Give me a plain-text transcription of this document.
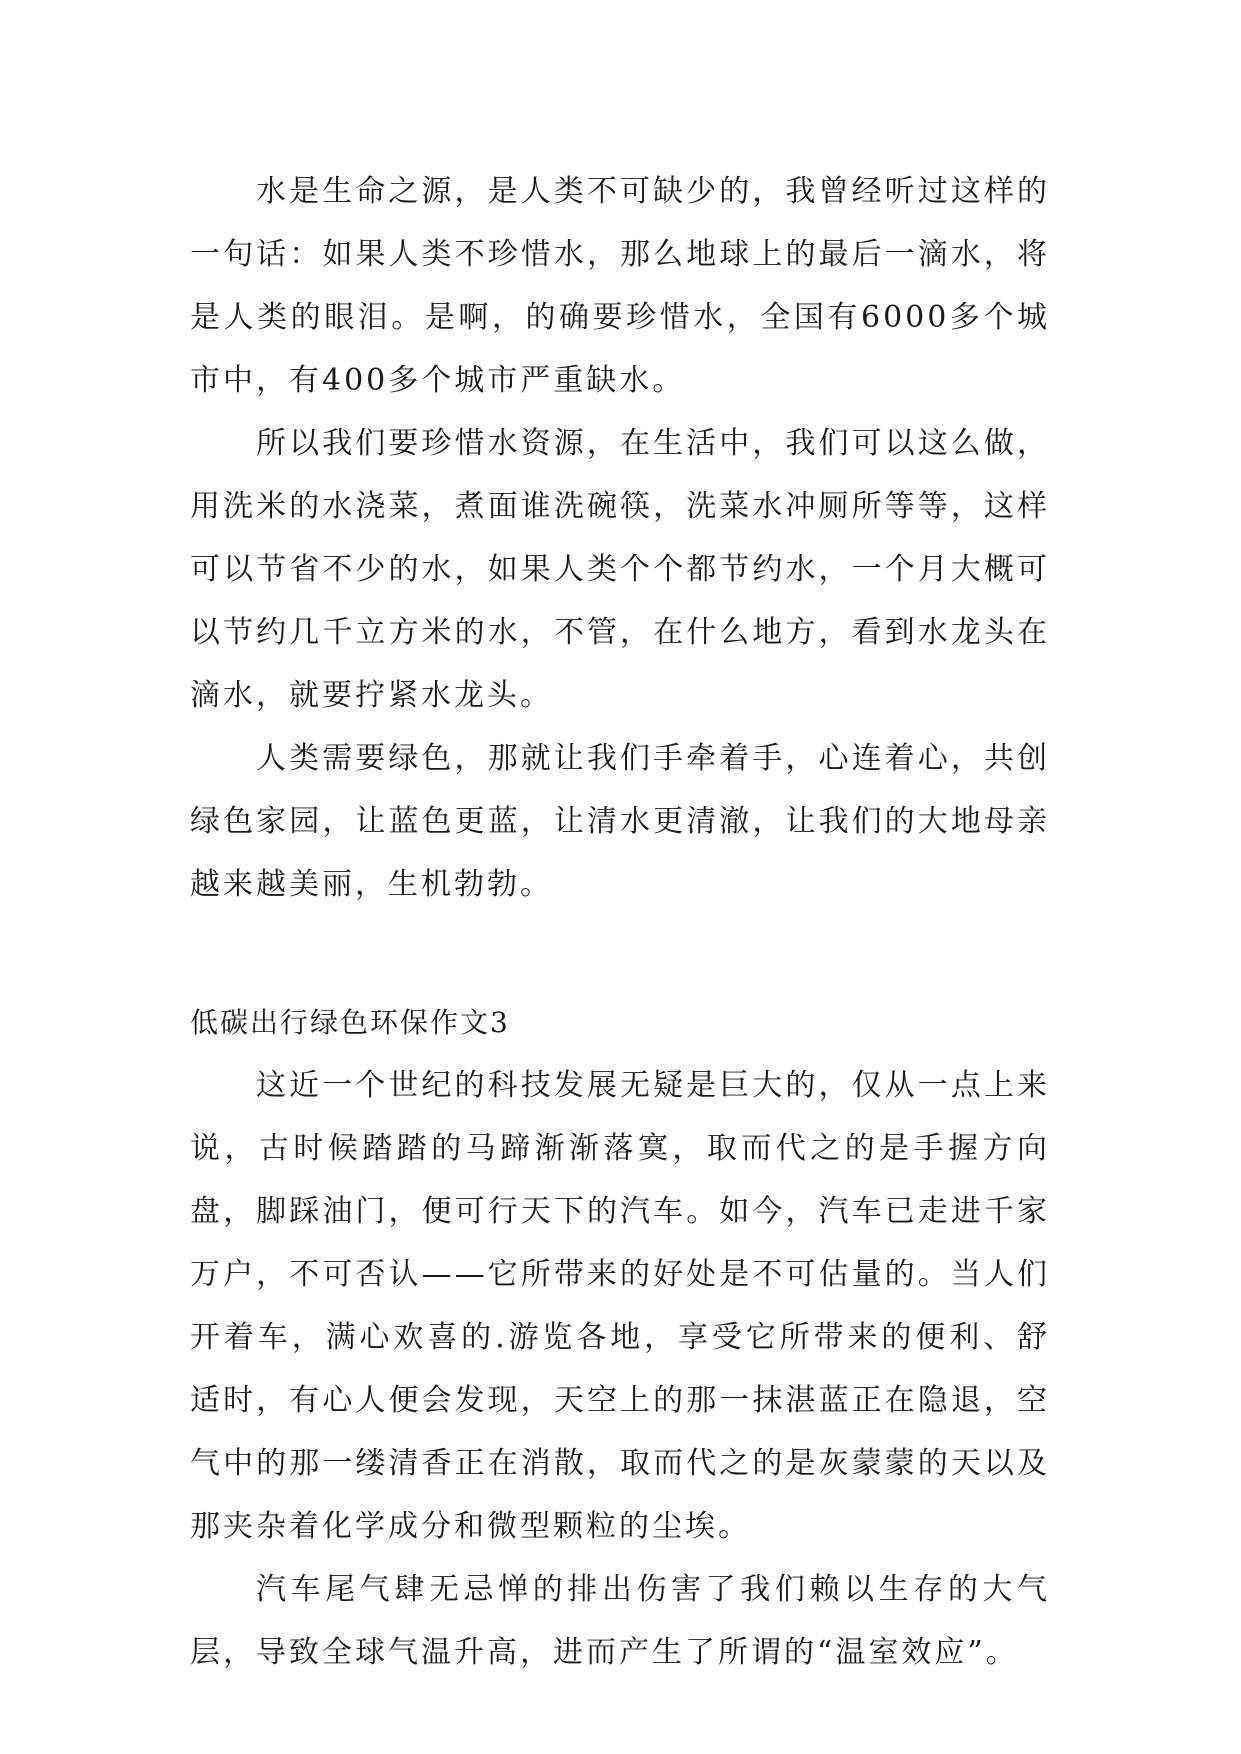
水是生命之源，是人类不可缺少的，我曾经听过这样的一句话：如果人类不珍惜水，那么地球上的最后一滴水，将是人类的眼泪。是啊，的确要珍惜水，全国有6000多个城市中，有400多个城市严重缺水。

所以我们要珍惜水资源，在生活中，我们可以这么做，用洗米的水浇菜，煮面谁洗碗筷，洗菜水冲厕所等等，这样可以节省不少的水，如果人类个个都节约水，一个月大概可以节约几千立方米的水，不管，在什么地方，看到水龙头在滴水，就要拧紧水龙头。

人类需要绿色，那就让我们手牵着手，心连着心，共创绿色家园，让蓝色更蓝，让清水更清澈，让我们的大地母亲越来越美丽，生机勃勃。

低碳出行绿色环保作文3

这近一个世纪的科技发展无疑是巨大的，仅从一点上来说，古时候踏踏的马蹄渐渐落寞，取而代之的是手握方向盘，脚踩油门，便可行天下的汽车。如今，汽车已走进千家万户，不可否认——它所带来的好处是不可估量的。当人们开着车，满心欢喜的.游览各地，享受它所带来的便利、舒适时，有心人便会发现，天空上的那一抹湛蓝正在隐退，空气中的那一缕清香正在消散，取而代之的是灰蒙蒙的天以及那夹杂着化学成分和微型颗粒的尘埃。

汽车尾气肆无忌惮的排出伤害了我们赖以生存的大气层，导致全球气温升高，进而产生了所谓的“温室效应”。
